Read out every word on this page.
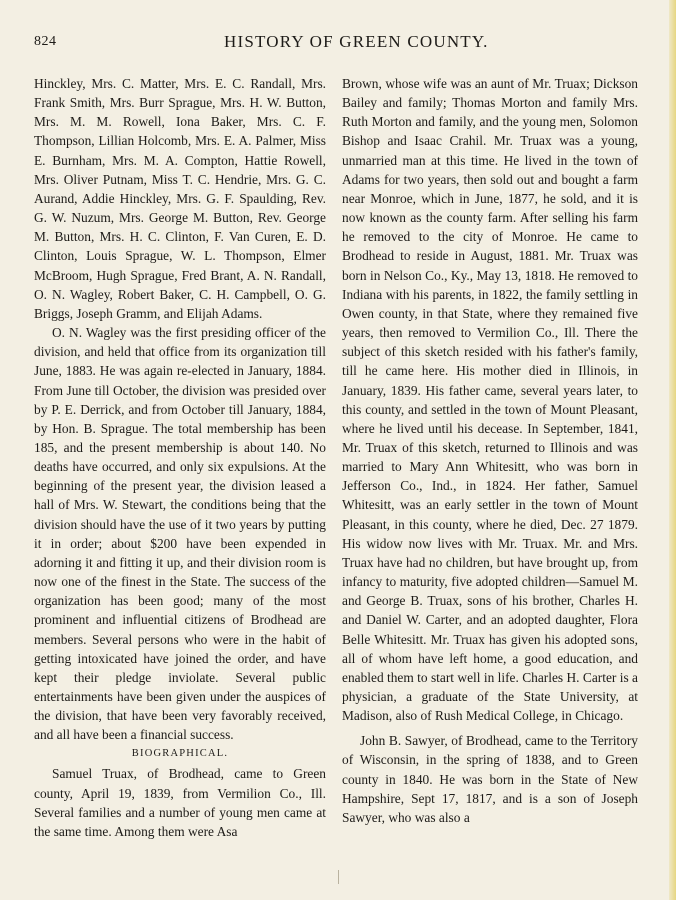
824	HISTORY OF GREEN COUNTY.

Hinckley, Mrs. C. Matter, Mrs. E. C. Randall, Mrs. Frank Smith, Mrs. Burr Sprague, Mrs. H. W. Button, Mrs. M. M. Rowell, Iona Baker, Mrs. C. F. Thompson, Lillian Holcomb, Mrs. E. A. Palmer, Miss E. Burnham, Mrs. M. A. Compton, Hattie Rowell, Mrs. Oliver Putnam, Miss T. C. Hendrie, Mrs. G. C. Aurand, Addie Hinckley, Mrs. G. F. Spaulding, Rev. G. W. Nuzum, Mrs. George M. Button, Rev. George M. Button, Mrs. H. C. Clinton, F. Van Curen, E. D. Clinton, Louis Sprague, W. L. Thompson, Elmer McBroom, Hugh Sprague, Fred Brant, A. N. Randall, O. N. Wagley, Robert Baker, C. H. Campbell, O. G. Briggs, Joseph Gramm, and Elijah Adams.

O. N. Wagley was the first presiding officer of the division, and held that office from its organization till June, 1883. He was again re-elected in January, 1884. From June till October, the division was presided over by P. E. Derrick, and from October till January, 1884, by Hon. B. Sprague. The total membership has been 185, and the present membership is about 140. No deaths have occurred, and only six expulsions. At the beginning of the present year, the division leased a hall of Mrs. W. Stewart, the conditions being that the division should have the use of it two years by putting it in order; about $200 have been expended in adorning it and fitting it up, and their division room is now one of the finest in the State. The success of the organization has been good; many of the most prominent and influential citizens of Brodhead are members. Several persons who were in the habit of getting intoxicated have joined the order, and have kept their pledge inviolate. Several public entertainments have been given under the auspices of the division, that have been very favorably received, and all have been a financial success.

BIOGRAPHICAL.

Samuel Truax, of Brodhead, came to Green county, April 19, 1839, from Vermilion Co., Ill. Several families and a number of young men came at the same time. Among them were Asa

Brown, whose wife was an aunt of Mr. Truax; Dickson Bailey and family; Thomas Morton and family Mrs. Ruth Morton and family, and the young men, Solomon Bishop and Isaac Crahil. Mr. Truax was a young, unmarried man at this time. He lived in the town of Adams for two years, then sold out and bought a farm near Monroe, which in June, 1877, he sold, and it is now known as the county farm. After selling his farm he removed to the city of Monroe. He came to Brodhead to reside in August, 1881. Mr. Truax was born in Nelson Co., Ky., May 13, 1818. He removed to Indiana with his parents, in 1822, the family settling in Owen county, in that State, where they remained five years, then removed to Vermilion Co., Ill. There the subject of this sketch resided with his father's family, till he came here. His mother died in Illinois, in January, 1839. His father came, several years later, to this county, and settled in the town of Mount Pleasant, where he lived until his decease. In September, 1841, Mr. Truax of this sketch, returned to Illinois and was married to Mary Ann Whitesitt, who was born in Jefferson Co., Ind., in 1824. Her father, Samuel Whitesitt, was an early settler in the town of Mount Pleasant, in this county, where he died, Dec. 27 1879. His widow now lives with Mr. Truax. Mr. and Mrs. Truax have had no children, but have brought up, from infancy to maturity, five adopted children—Samuel M. and George B. Truax, sons of his brother, Charles H. and Daniel W. Carter, and an adopted daughter, Flora Belle Whitesitt. Mr. Truax has given his adopted sons, all of whom have left home, a good education, and enabled them to start well in life. Charles H. Carter is a physician, a graduate of the State University, at Madison, also of Rush Medical College, in Chicago.

John B. Sawyer, of Brodhead, came to the Territory of Wisconsin, in the spring of 1838, and to Green county in 1840. He was born in the State of New Hampshire, Sept 17, 1817, and is a son of Joseph Sawyer, who was also a
